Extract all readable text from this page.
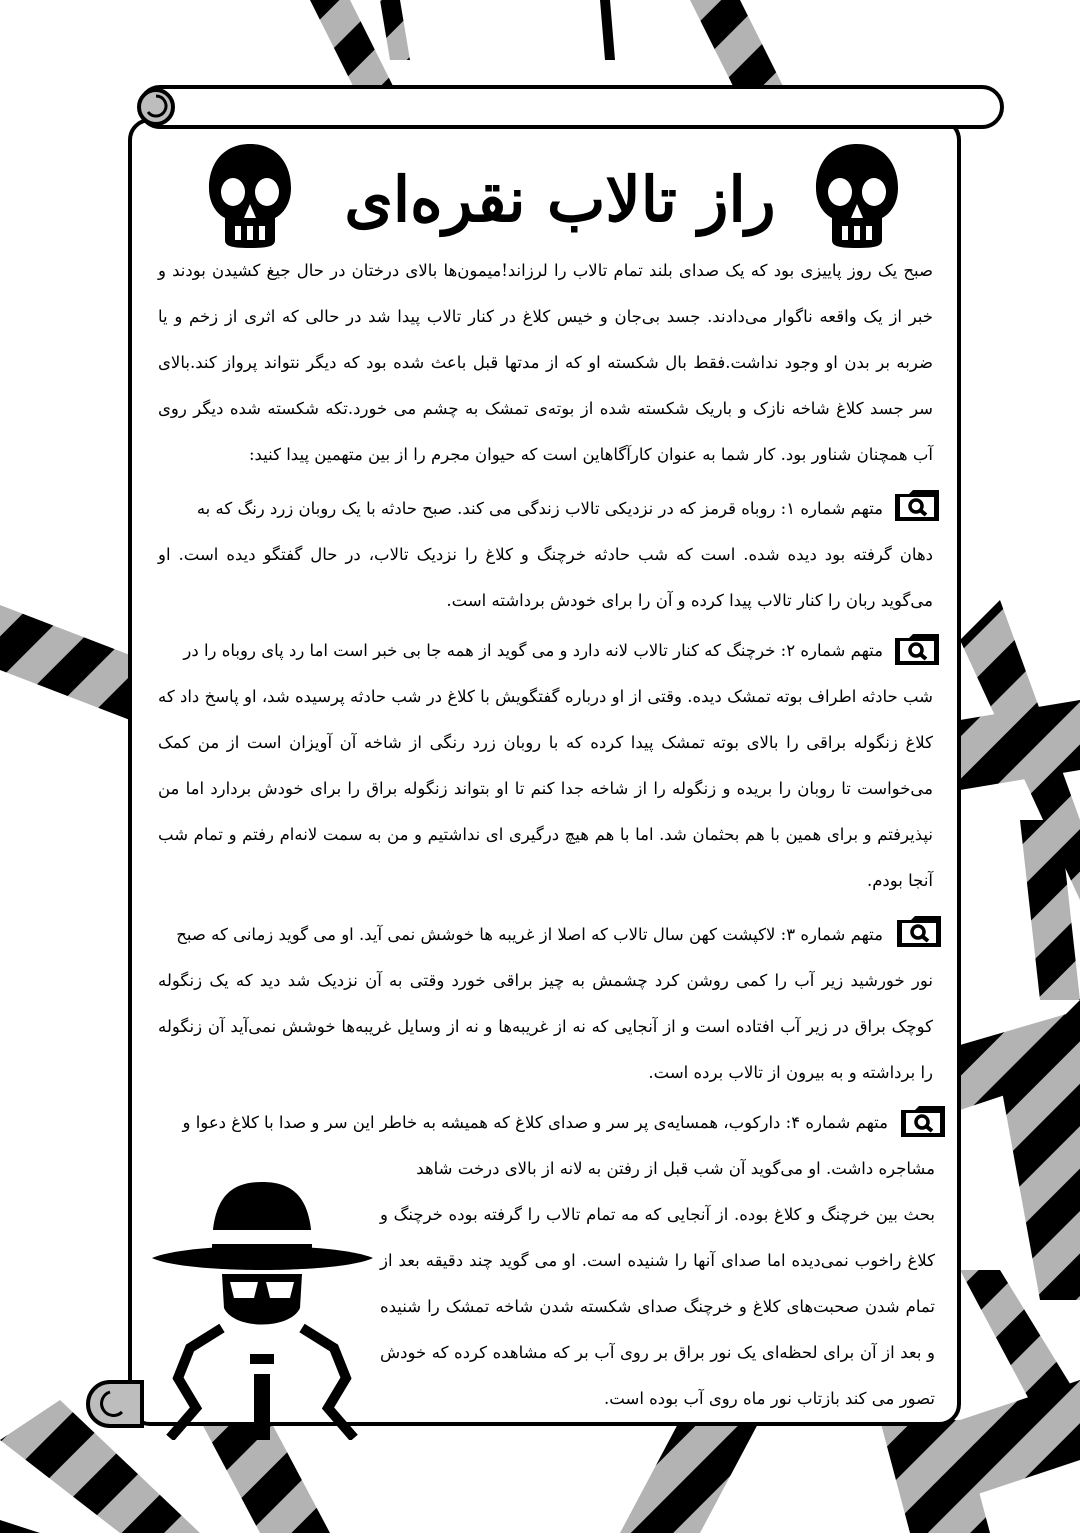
راز تالاب نقره‌ای

صبح یک روز پاییزی بود که یک صدای بلند تمام تالاب را لرزاند!میمون‌ها بالای درختان در حال جیغ کشیدن بودند و خبر از یک واقعه ناگوار می‌دادند. جسد بی‌جان و خیس کلاغ در کنار تالاب پیدا شد در حالی که اثری از زخم و یا ضربه بر بدن او وجود نداشت.فقط بال شکسته او که از مدتها قبل باعث شده بود که دیگر نتواند پرواز کند.بالای سر جسد کلاغ شاخه نازک و باریک شکسته شده از بوته‌ی تمشک به چشم می خورد.تکه شکسته شده دیگر روی آب همچنان شناور بود. کار شما به عنوان کارآگاهاین است که حیوان مجرم را از بین متهمین پیدا کنید:

متهم شماره ۱: روباه قرمز که در نزدیکی تالاب زندگی می کند. صبح حادثه با یک روبان زرد رنگ که به

دهان گرفته بود دیده شده. است که شب حادثه خرچنگ و کلاغ را نزدیک تالاب، در حال گفتگو دیده است. او می‌گوید ربان را کنار تالاب پیدا کرده و آن را برای خودش برداشته است.

متهم شماره ۲: خرچنگ که کنار تالاب لانه دارد و می گوید از همه جا بی خبر است اما رد پای روباه را در

شب حادثه اطراف بوته تمشک دیده. وقتی از او درباره گفتگویش با کلاغ در شب حادثه پرسیده شد، او پاسخ داد که کلاغ زنگوله براقی را بالای بوته تمشک پیدا کرده که با روبان زرد رنگی از شاخه آن آویزان است از من کمک می‌خواست تا روبان را بریده و زنگوله را از شاخه جدا کنم تا او بتواند زنگوله براق را برای خودش بردارد اما من نپذیرفتم و برای همین با هم بحثمان شد. اما با هم هیچ درگیری ای نداشتیم و من به سمت لانه‌ام رفتم و تمام شب آنجا بودم.

متهم شماره ۳: لاکپشت کهن سال تالاب که اصلا از غریبه ها خوشش نمی آید. او می گوید زمانی که صبح

نور خورشید زیر آب را کمی روشن کرد چشمش به چیز براقی خورد وقتی به آن نزدیک شد دید که یک زنگوله کوچک براق در زیر آب افتاده است و از آنجایی که نه از غریبه‌ها و نه از وسایل غریبه‌ها خوشش نمی‌آید آن زنگوله را برداشته و به بیرون از تالاب برده است.

متهم شماره ۴: دارکوب، همسایه‌ی پر سر و صدای کلاغ که همیشه به خاطر این سر و صدا با کلاغ دعوا و

مشاجره داشت. او می‌گوید آن شب قبل از رفتن به لانه از بالای درخت شاهد

بحث بین خرچنگ و کلاغ بوده. از آنجایی که مه تمام تالاب را گرفته بوده خرچنگ و کلاغ راخوب نمی‌دیده اما صدای آنها را شنیده است. او می گوید چند دقیقه بعد از تمام شدن صحبت‌های کلاغ و خرچنگ صدای شکسته شدن شاخه تمشک را شنیده و بعد از آن برای لحظه‌ای یک نور براق بر روی آب بر که مشاهده کرده که خودش تصور می کند بازتاب نور ماه روی آب بوده است.
